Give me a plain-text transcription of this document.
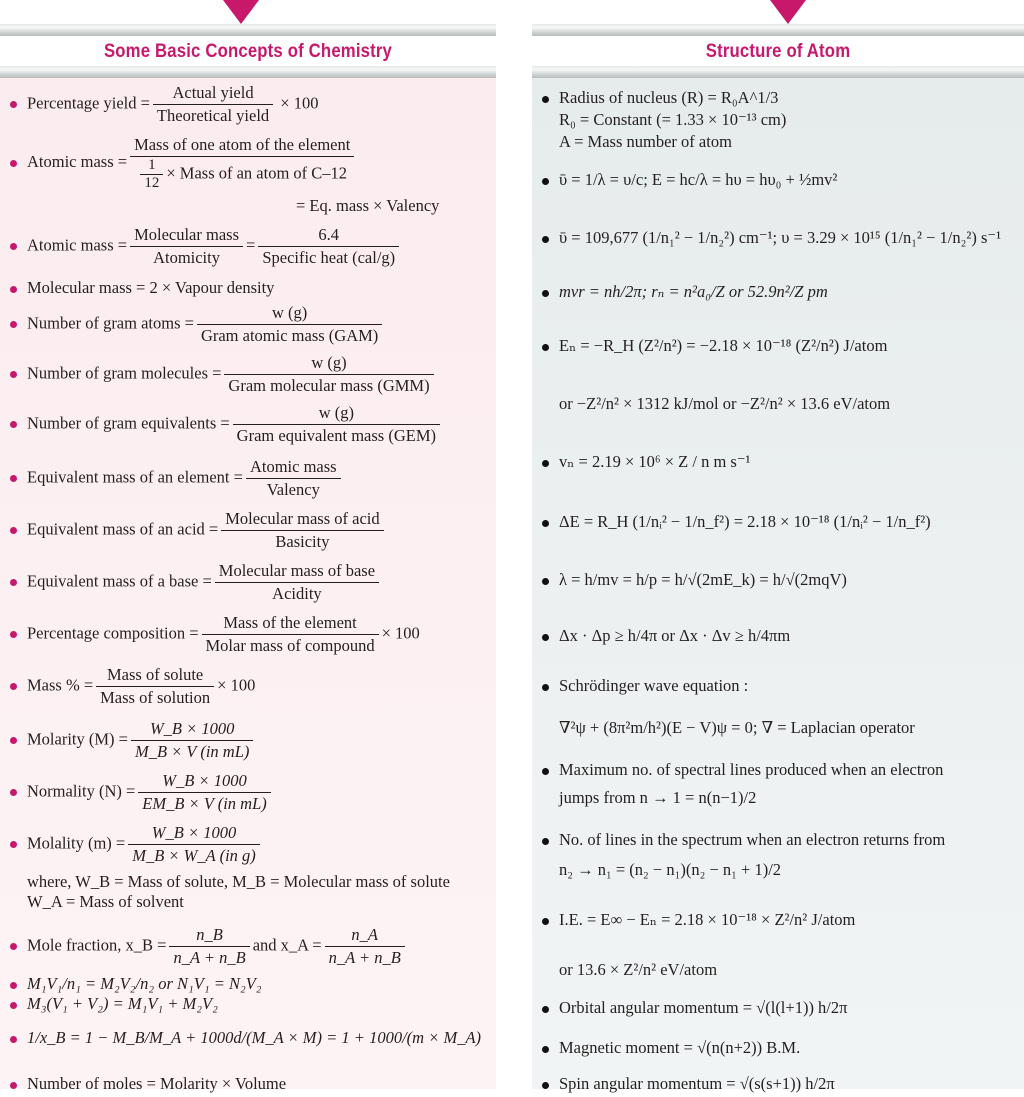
Some Basic Concepts of Chemistry
Percentage yield = $\frac{\text{Actual yield}}{\text{Theoretical yield}} \times 100$
Atomic mass = $\frac{\text{Mass of one atom of the element}}{\frac{1}{12} \times Mass of an atom of C-12}$
= Eq. mass × Valency
Atomic mass = $\frac{\text{Molecular mass}}{\text{Atomicity}} = \frac{6.4}{\text{Specific heat (cal/g)}}$
Molecular mass = 2 × Vapour density
Number of gram atoms = $\frac{w (g)}{\text{Gram atomic mass (GAM)}}$
Number of gram molecules = $\frac{w (g)}{\text{Gram molecular mass (GMM)}}$
Number of gram equivalents = $\frac{w (g)}{\text{Gram equivalent mass (GEM)}}$
Equivalent mass of an element = $\frac{\text{Atomic mass}}{\text{Valency}}$
Equivalent mass of an acid = $\frac{\text{Molecular mass of acid}}{\text{Basicity}}$
Equivalent mass of a base = $\frac{\text{Molecular mass of base}}{\text{Acidity}}$
Percentage composition = $\frac{\text{Mass of the element}}{\text{Molar mass of compound}} \times 100$
Mass % = $\frac{\text{Mass of solute}}{\text{Mass of solution}} \times 100$
Molarity $(M) = \frac{W\_B \times 1000}{\text{M\_B × V (in mL)}}$
Normality $(N) = \frac{W\_B \times 1000}{\text{EM\_B × V (in mL)}}$
Molality $(m) = \frac{W\_B \times 1000}{\text{M\_B × W\_A (in g)}}$
where, W_B = Mass of solute, M_B = Molecular mass of solute
W_A = Mass of solvent
Mole fraction, x_B = $\frac{n\_B}{n\_A + n\_B}$ and x_A = $\frac{n\_A}{n\_A + n\_B}$
M₁V₁/n₁ = M₂V₂/n₂ or N₁V₁ = N₂V₂
M₃(V₁ + V₂) = M₁V₁ + M₂V₂
1/x_B = 1 − M_B/M_A + 1000d/(M_A × M) = 1 + 1000/(m × M_A)
Number of moles = Molarity × Volume
Structure of Atom
Radius of nucleus (R) = R₀A^1/3
R₀ = Constant (= 1.33 × 10⁻¹³ cm)
A = Mass number of atom
ῡ = 1/λ = υ/c; E = hc/λ = hυ = hυ₀ + ½mv²
ῡ = 109,677 (1/n₁² − 1/n₂²) cm⁻¹; υ = 3.29 × 10¹⁵ (1/n₁² − 1/n₂²) s⁻¹
mvr = nh/2π; rₙ = n²a₀/Z or 52.9n²/Z pm
Eₙ = −R_H (Z²/n²) = −2.18 × 10⁻¹⁸ (Z²/n²) J/atom
or −Z²/n² × 1312 kJ/mol or −Z²/n² × 13.6 eV/atom
vₙ = 2.19 × 10⁶ × Z / n m s⁻¹
ΔE = R_H (1/nᵢ² − 1/n_f²) = 2.18 × 10⁻¹⁸ (1/nᵢ² − 1/n_f²)
λ = h/mv = h/p = h/√(2mE_k) = h/√(2mqV)
Δx · Δp ≥ h/4π or Δx · Δv ≥ h/4πm
Schrödinger wave equation :
∇²ψ + (8π²m/h²)(E − V)ψ = 0; ∇ = Laplacian operator
Maximum no. of spectral lines produced when an electron
jumps from n → 1 = n(n−1)/2
No. of lines in the spectrum when an electron returns from
n₂ → n₁ = (n₂ − n₁)(n₂ − n₁ + 1)/2
I.E. = E∞ − Eₙ = 2.18 × 10⁻¹⁸ × Z²/n² J/atom
or 13.6 × Z²/n² eV/atom
Orbital angular momentum = √(l(l+1)) h/2π
Magnetic moment = √(n(n+2)) B.M.
Spin angular momentum = √(s(s+1)) h/2π
